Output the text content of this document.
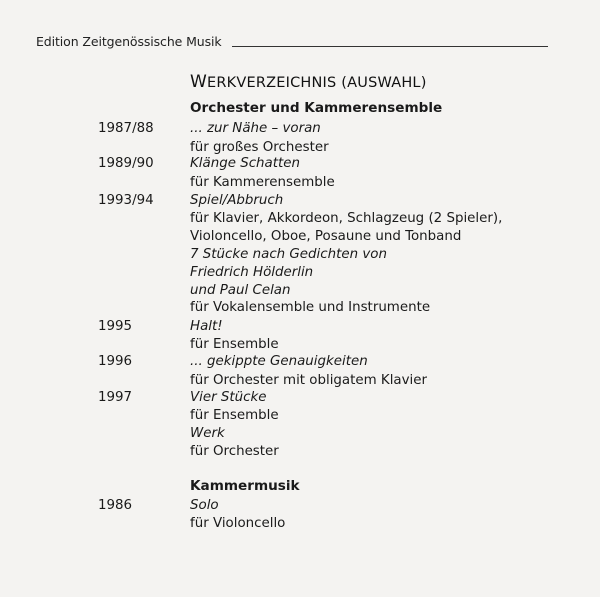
Edition Zeitgenössische Musik
WERKVERZEICHNIS (AUSWAHL)
Orchester und Kammerensemble
1987/88	... zur Nähe – voran
für großes Orchester
1989/90	Klänge Schatten
für Kammerensemble
1993/94	Spiel/Abbruch
für Klavier, Akkordeon, Schlagzeug (2 Spieler),
Violoncello, Oboe, Posaune und Tonband
7 Stücke nach Gedichten von
Friedrich Hölderlin
und Paul Celan
für Vokalensemble und Instrumente
1995	Halt!
für Ensemble
1996	... gekippte Genauigkeiten
für Orchester mit obligatem Klavier
1997	Vier Stücke
für Ensemble
Werk
für Orchester
Kammermusik
1986	Solo
für Violoncello
